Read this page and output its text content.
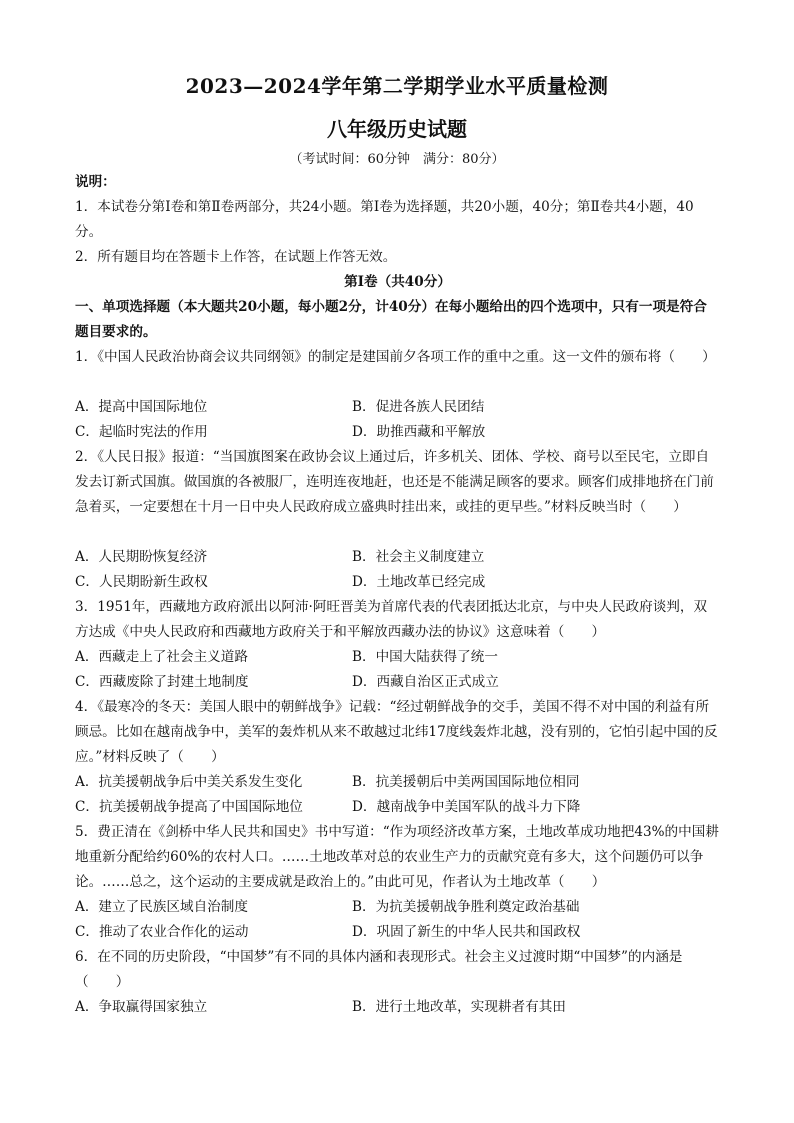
2023—2024学年第二学期学业水平质量检测
八年级历史试题
（考试时间：60分钟　满分：80分）

说明：

1．本试卷分第Ⅰ卷和第Ⅱ卷两部分，共24小题。第Ⅰ卷为选择题，共20小题，40分；第Ⅱ卷共4小题，40分。

2．所有题目均在答题卡上作答，在试题上作答无效。

第Ⅰ卷（共40分）
一、单项选择题（本大题共20小题，每小题2分，计40分）在每小题给出的四个选项中，只有一项是符合题目要求的。
1．《中国人民政治协商会议共同纲领》的制定是建国前夕各项工作的重中之重。这一文件的颁布将（　　）
A．提高中国国际地位	B．促进各族人民团结
C．起临时宪法的作用	D．助推西藏和平解放
2．《人民日报》报道：“当国旗图案在政协会议上通过后，许多机关、团体、学校、商号以至民宅，立即自发去订新式国旗。做国旗的各被服厂，连明连夜地赶，也还是不能满足顾客的要求。顾客们成排地挤在门前急着买，一定要想在十月一日中央人民政府成立盛典时挂出来，或挂的更早些。”材料反映当时（　　）
A．人民期盼恢复经济	B．社会主义制度建立
C．人民期盼新生政权	D．土地改革已经完成
3．1951年，西藏地方政府派出以阿沛·阿旺晋美为首席代表的代表团抵达北京，与中央人民政府谈判，双方达成《中央人民政府和西藏地方政府关于和平解放西藏办法的协议》这意味着（　　）
A．西藏走上了社会主义道路	B．中国大陆获得了统一
C．西藏废除了封建土地制度	D．西藏自治区正式成立
4．《最寒冷的冬天：美国人眼中的朝鲜战争》记载：“经过朝鲜战争的交手，美国不得不对中国的利益有所顾忌。比如在越南战争中，美军的轰炸机从来不敢越过北纬17度线轰炸北越，没有别的，它怕引起中国的反应。”材料反映了（　　）
A．抗美援朝战争后中美关系发生变化	B．抗美援朝后中美两国国际地位相同
C．抗美援朝战争提高了中国国际地位	D．越南战争中美国军队的战斗力下降
5．费正清在《剑桥中华人民共和国史》书中写道：“作为项经济改革方案，土地改革成功地把43%的中国耕地重新分配给约60%的农村人口。……土地改革对总的农业生产力的贡献究竟有多大，这个问题仍可以争论。……总之，这个运动的主要成就是政治上的。”由此可见，作者认为土地改革（　　）
A．建立了民族区域自治制度	B．为抗美援朝战争胜利奠定政治基础
C．推动了农业合作化的运动	D．巩固了新生的中华人民共和国政权
6．在不同的历史阶段，“中国梦”有不同的具体内涵和表现形式。社会主义过渡时期“中国梦”的内涵是（　　）
A．争取赢得国家独立	B．进行土地改革，实现耕者有其田
